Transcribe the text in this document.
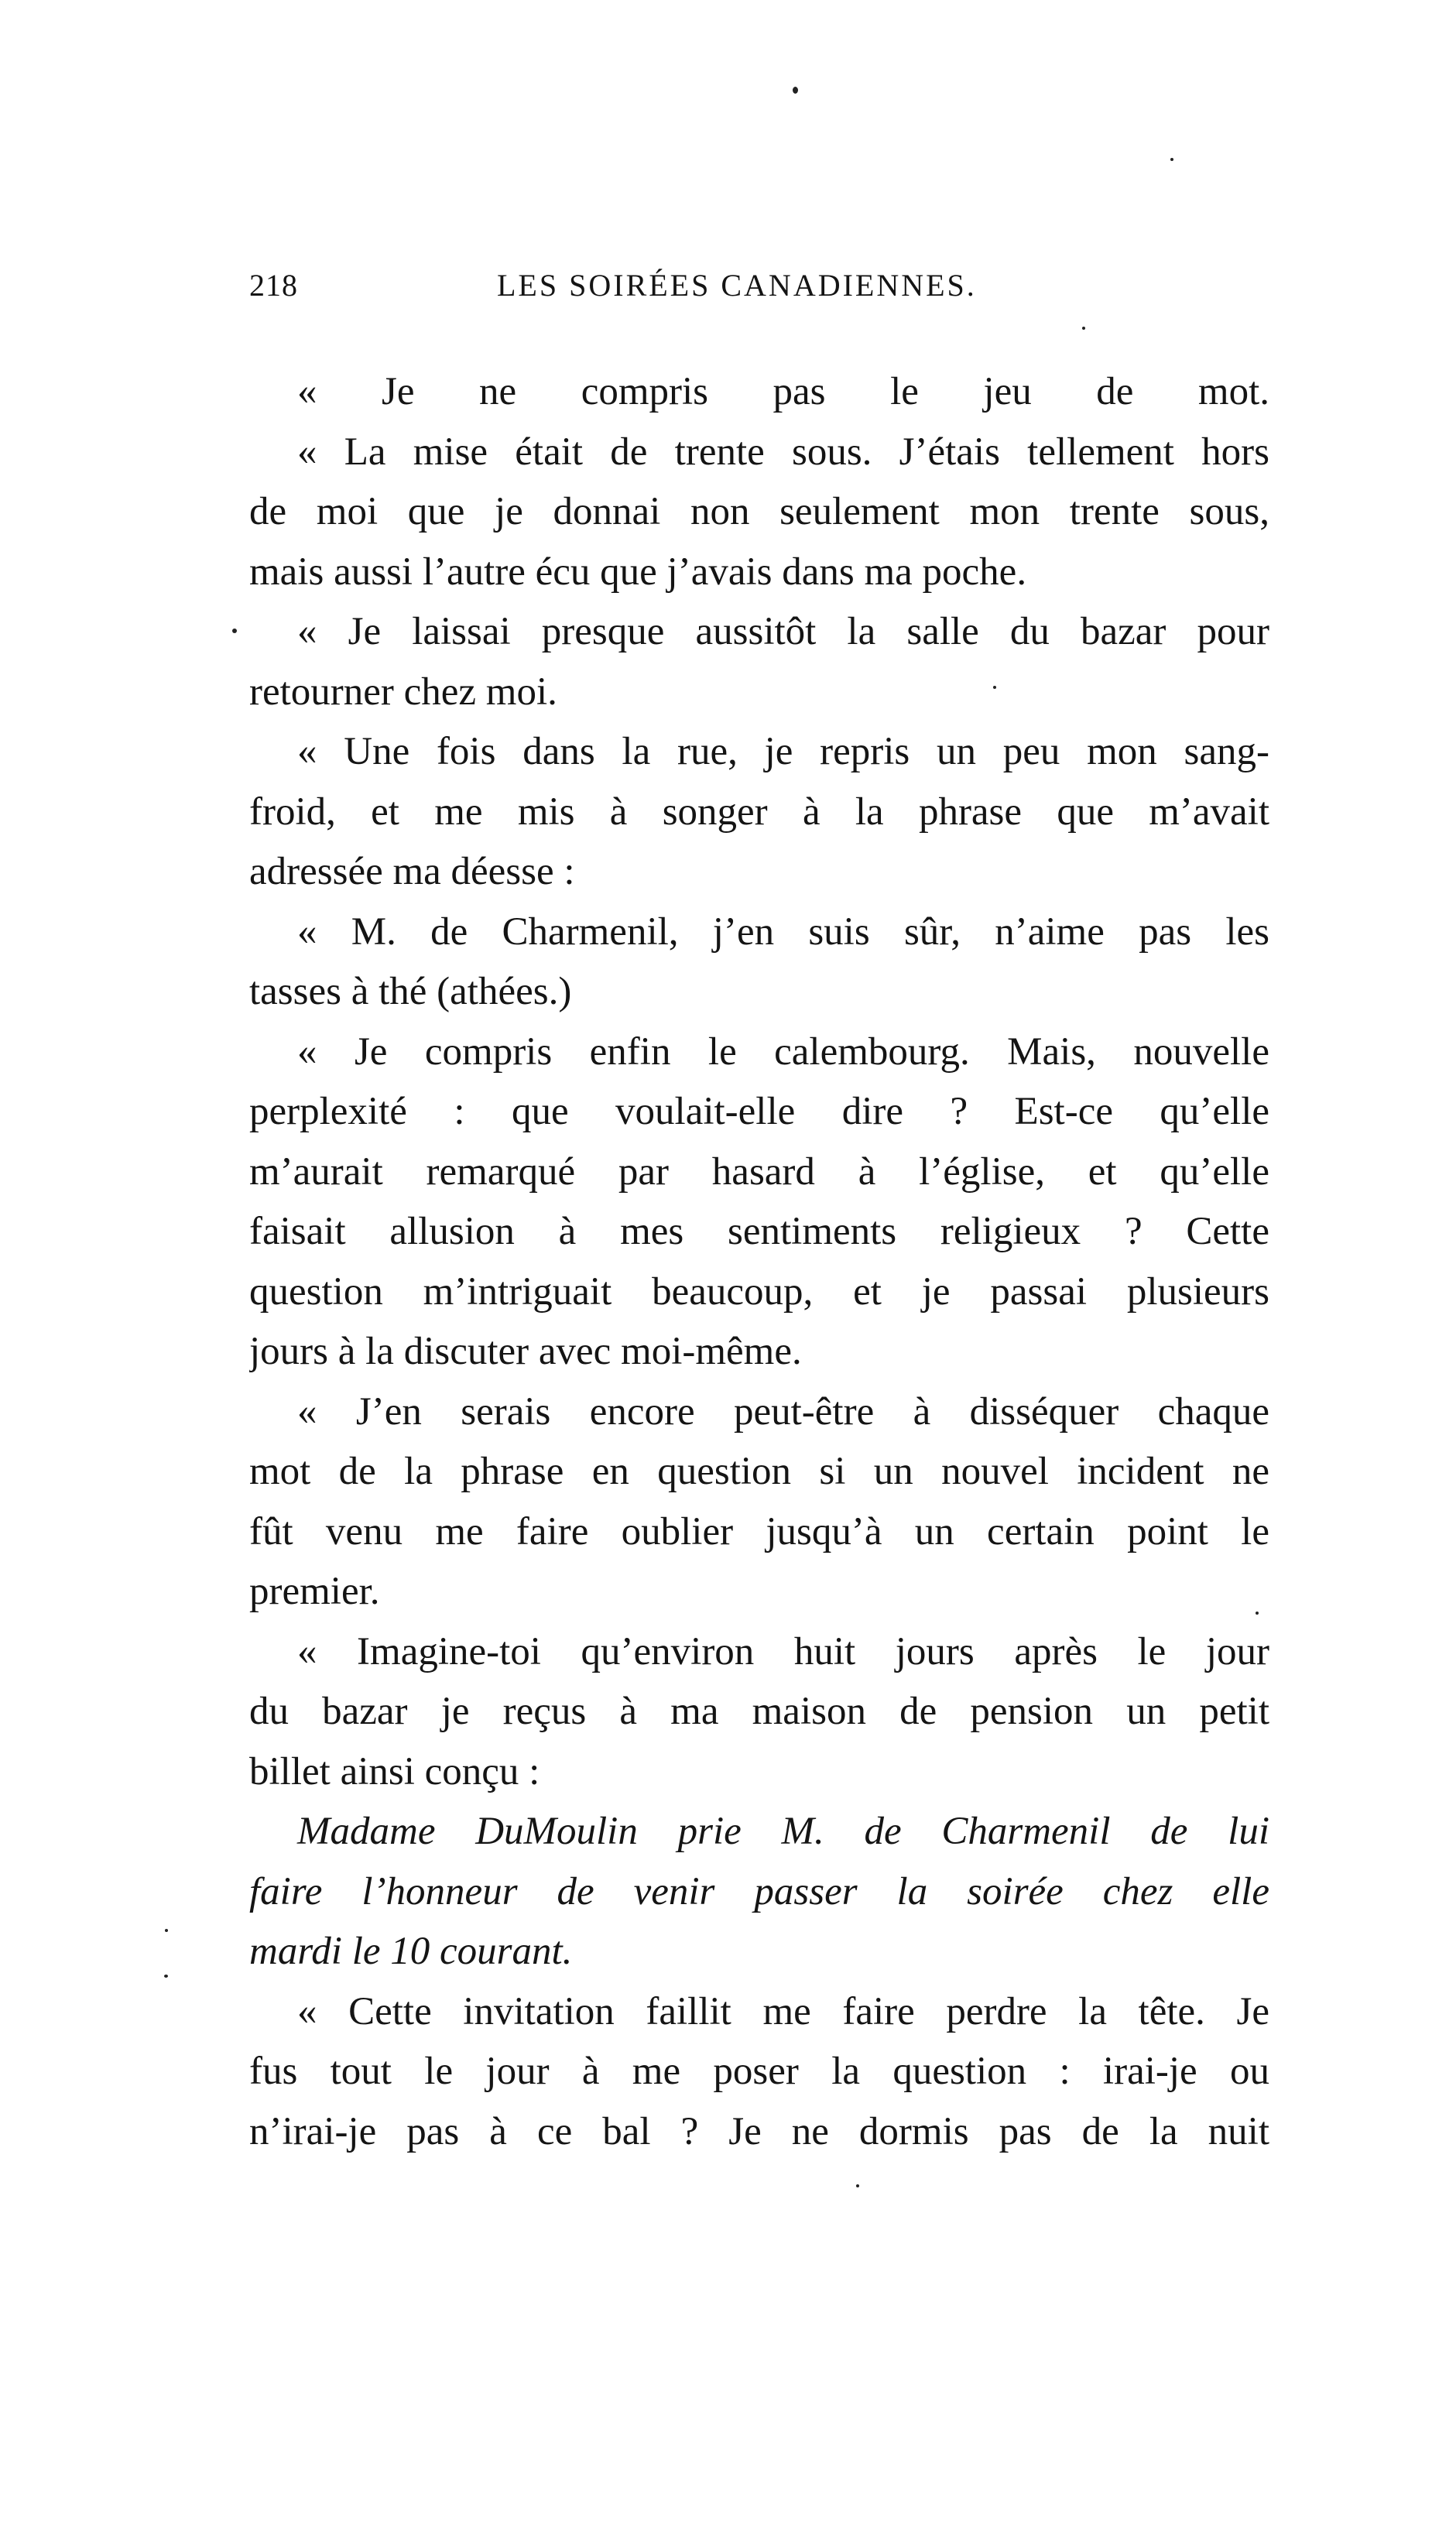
218	LES SOIRÉES CANADIENNES.
« Je ne compris pas le jeu de mot.
« La mise était de trente sous. J’étais tellement hors
de moi que je donnai non seulement mon trente sous,
mais aussi l’autre écu que j’avais dans ma poche.
« Je laissai presque aussitôt la salle du bazar pour
retourner chez moi.
« Une fois dans la rue, je repris un peu mon sang-
froid, et me mis à songer à la phrase que m’avait
adressée ma déesse :
« M. de Charmenil, j’en suis sûr, n’aime pas les
tasses à thé (athées.)
« Je compris enfin le calembourg. Mais, nouvelle
perplexité : que voulait-elle dire ? Est-ce qu’elle
m’aurait remarqué par hasard à l’église, et qu’elle
faisait allusion à mes sentiments religieux ? Cette
question m’intriguait beaucoup, et je passai plusieurs
jours à la discuter avec moi-même.
« J’en serais encore peut-être à disséquer chaque
mot de la phrase en question si un nouvel incident ne
fût venu me faire oublier jusqu’à un certain point le
premier.
« Imagine-toi qu’environ huit jours après le jour
du bazar je reçus à ma maison de pension un petit
billet ainsi conçu :
Madame DuMoulin prie M. de Charmenil de lui
faire l’honneur de venir passer la soirée chez elle
mardi le 10 courant.
« Cette invitation faillit me faire perdre la tête. Je
fus tout le jour à me poser la question : irai-je ou
n’irai-je pas à ce bal ? Je ne dormis pas de la nuit
